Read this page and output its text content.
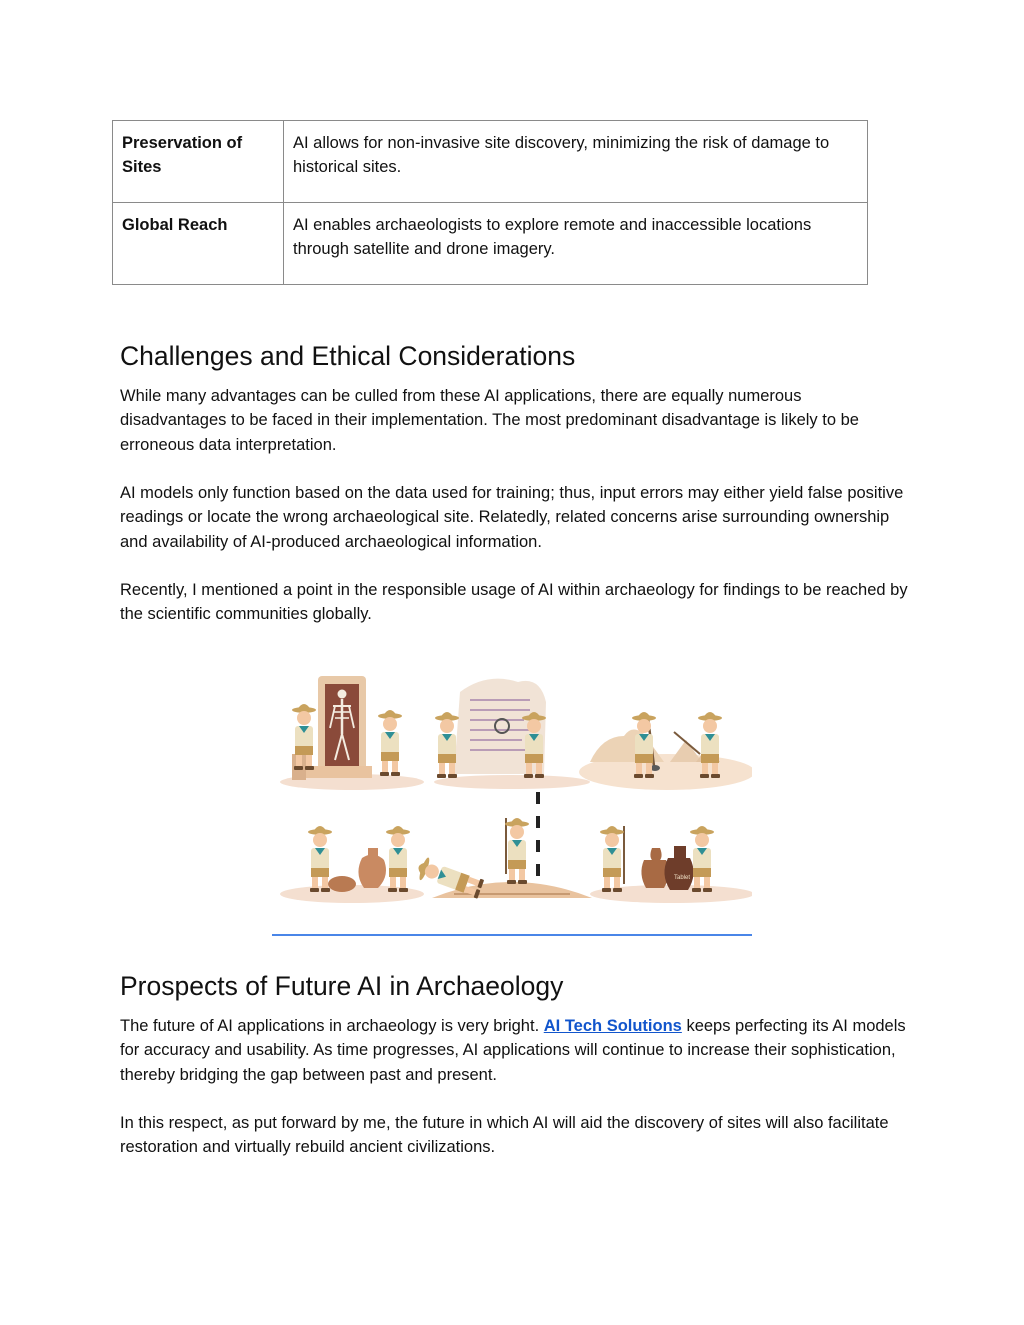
Preservation of Sites	AI allows for non-invasive site discovery, minimizing the risk of damage to historical sites.
Global Reach	AI enables archaeologists to explore remote and inaccessible locations through satellite and drone imagery.
Challenges and Ethical Considerations

While many advantages can be culled from these AI applications, there are equally numerous disadvantages to be faced in their implementation. The most predominant disadvantage is likely to be erroneous data interpretation.

AI models only function based on the data used for training; thus, input errors may either yield false positive readings or locate the wrong archaeological site. Relatedly, related concerns arise surrounding ownership and availability of AI-produced archaeological information.

Recently, I mentioned a point in the responsible usage of AI within archaeology for findings to be reached by the scientific communities globally.

Tablet
Prospects of Future AI in Archaeology

The future of AI applications in archaeology is very bright. AI Tech Solutions keeps perfecting its AI models for accuracy and usability. As time progresses, AI applications will continue to increase their sophistication, thereby bridging the gap between past and present.

In this respect, as put forward by me, the future in which AI will aid the discovery of sites will also facilitate restoration and virtually rebuild ancient civilizations.
